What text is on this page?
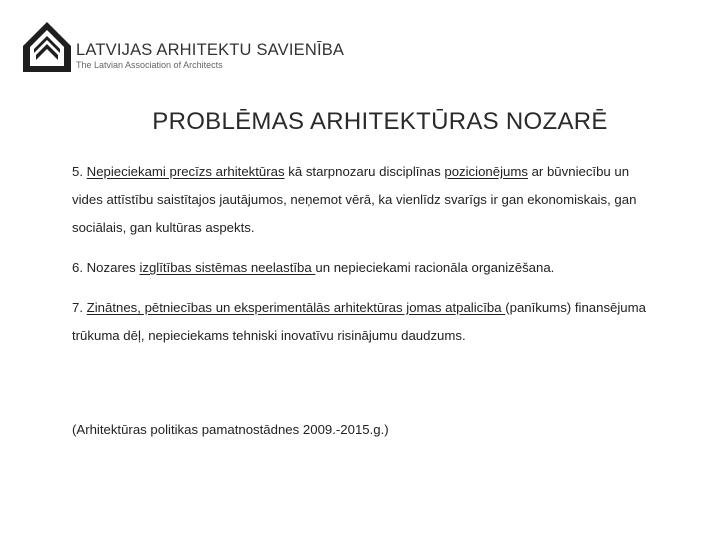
LATVIJAS ARHITEKTU SAVIENĪBA
The Latvian Association of Architects
PROBLĒMAS ARHITEKTŪRAS NOZARĒ

5. Nepieciekami precīzs arhitektūras kā starpnozaru disciplīnas pozicionējums ar būvniecību un vides attīstību saistītajos jautājumos, neņemot vērā, ka vienlīdz svarīgs ir gan ekonomiskais, gan sociālais, gan kultūras aspekts.

6. Nozares izglītības sistēmas neelastība un nepieciekami racionāla organizēšana.

7. Zinātnes, pētniecības un eksperimentālās arhitektūras jomas atpalicība (panīkums) finansējuma trūkuma dēļ, nepieciekams tehniski inovatīvu risinājumu daudzums.

(Arhitektūras politikas pamatnostādnes 2009.-2015.g.)
